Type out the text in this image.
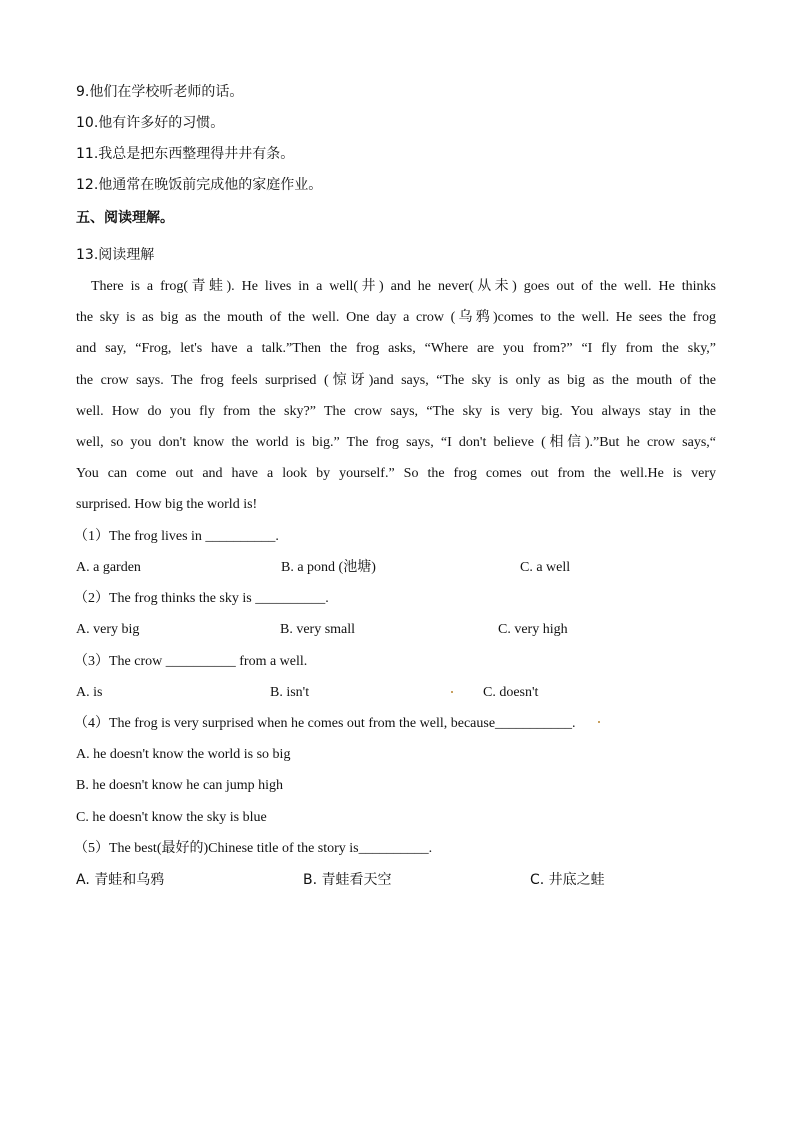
9.他们在学校听老师的话。
10.他有许多好的习惯。
11.我总是把东西整理得井井有条。
12.他通常在晚饭前完成他的家庭作业。
五、阅读理解。
13.阅读理解

There is a frog(青蛙). He lives in a well(井) and he never(从未) goes out of the well. He thinks

the sky is as big as the mouth of the well. One day a crow (乌鸦)comes to the well. He sees the frog

and say, “Frog, let's have a talk.”Then the frog asks, “Where are you from?” “I fly from the sky,”

the crow says. The frog feels surprised (惊讶)and says, “The sky is only as big as the mouth of the

well. How do you fly from the sky?” The crow says, “The sky is very big. You always stay in the

well, so you don't know the world is big.” The frog says, “I don't believe (相信).”But he crow says,“

You can come out and have a look by yourself.” So the frog comes out from the well.He is very

surprised. How big the world is!

（1）The frog lives in __________.
A. a garden	B. a pond (池塘)	C. a well
（2）The frog thinks the sky is __________.
A. very big	B. very small	C. very high
（3）The crow __________ from a well.
A. is	B. isn't	C. doesn't
（4）The frog is very surprised when he comes out from the well, because___________.
A. he doesn't know the world is so big
B. he doesn't know he can jump high
C. he doesn't know the sky is blue
（5）The best(最好的)Chinese title of the story is__________.
A. 青蛙和乌鸦	B. 青蛙看天空	C. 井底之蛙
